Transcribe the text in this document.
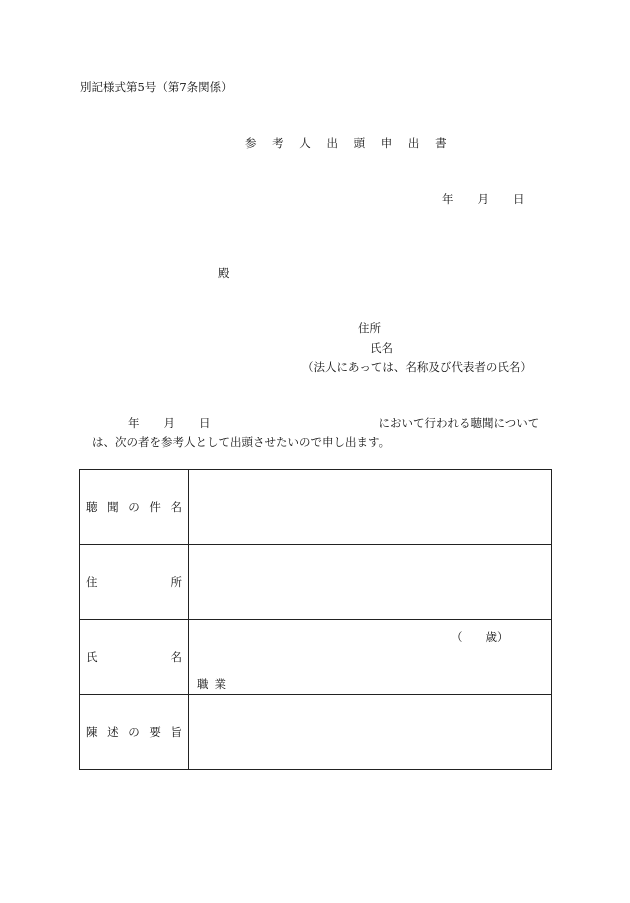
別記様式第5号（第7条関係）
参 考 人 出 頭 申 出 書
年 月 日
殿
住所
氏名
（法人にあっては、名称及び代表者の氏名）
年 月 日	において行われる聴聞について
は、次の者を参考人として出頭させたいので申し出ます。
聴 聞 の 件 名	

住 所	

氏 名	（　　歳）
職業

陳 述 の 要 旨	
